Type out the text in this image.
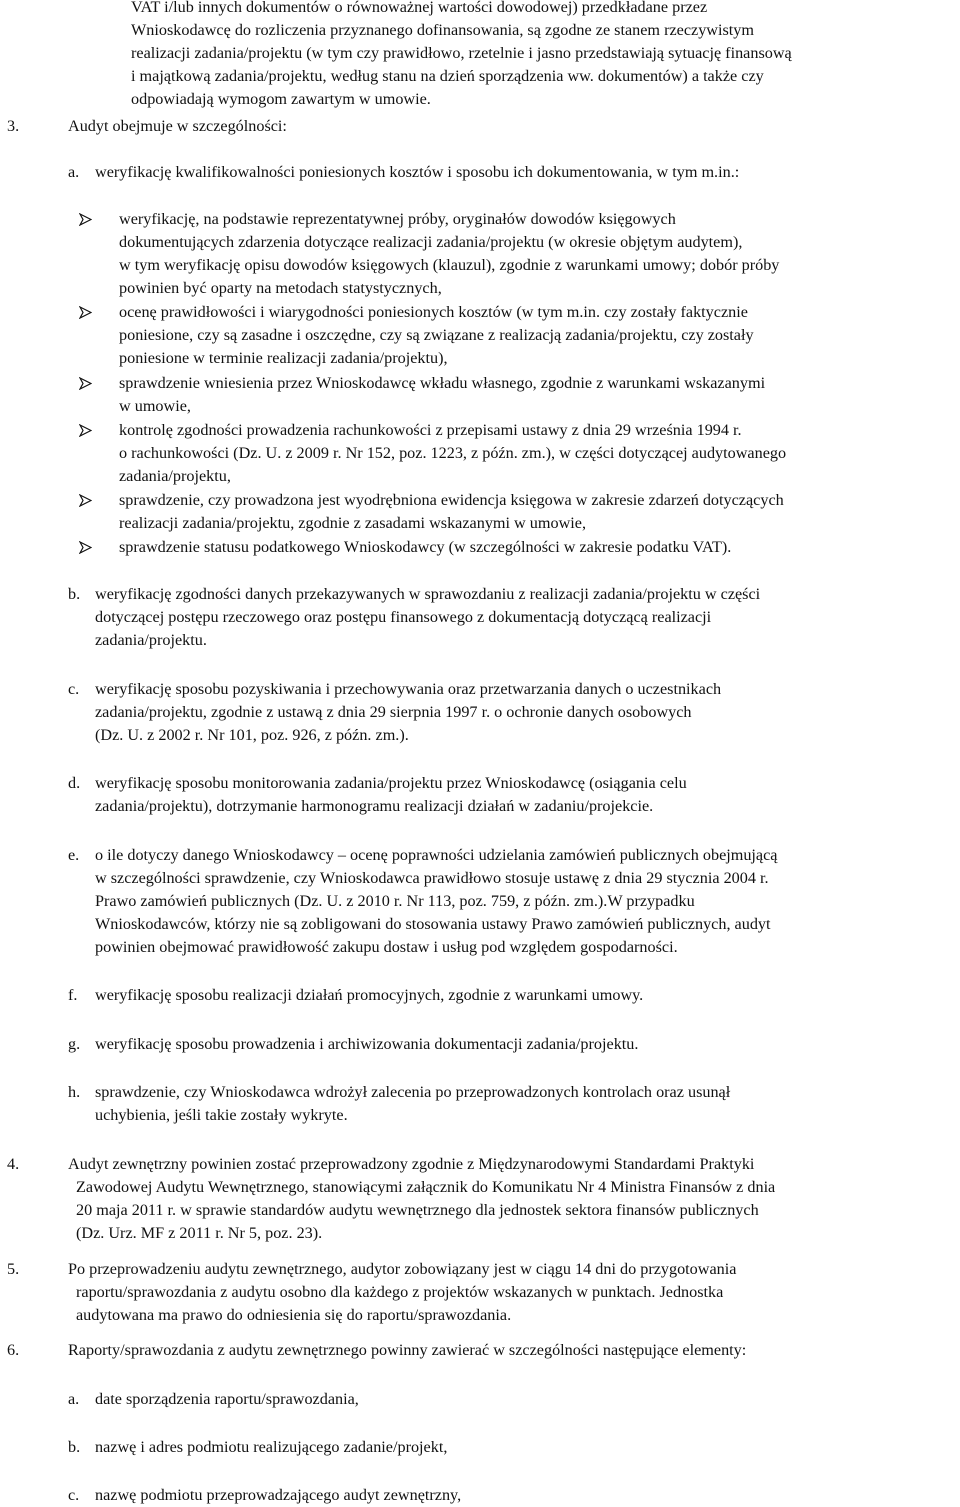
VAT i/lub innych dokumentów o równoważnej wartości dowodowej) przedkładane przez
Wnioskodawcę do rozliczenia przyznanego dofinansowania, są zgodne ze stanem rzeczywistym
realizacji zadania/projektu (w tym czy prawidłowo, rzetelnie i jasno przedstawiają sytuację finansową
i majątkową zadania/projektu, według stanu na dzień sporządzenia ww. dokumentów) a także czy
odpowiadają wymogom zawartym w umowie.
3.	Audyt obejmuje w szczególności:
a. weryfikację kwalifikowalności poniesionych kosztów i sposobu ich dokumentowania, w tym m.in.:
weryfikację, na podstawie reprezentatywnej próby, oryginałów dowodów księgowych
dokumentujących zdarzenia dotyczące realizacji zadania/projektu (w okresie objętym audytem),
w tym weryfikację opisu dowodów księgowych (klauzul), zgodnie z warunkami umowy; dobór próby
powinien być oparty na metodach statystycznych,
ocenę prawidłowości i wiarygodności poniesionych kosztów (w tym m.in. czy zostały faktycznie
poniesione, czy są zasadne i oszczędne, czy są związane z realizacją zadania/projektu, czy zostały
poniesione w terminie realizacji zadania/projektu),
sprawdzenie wniesienia przez Wnioskodawcę wkładu własnego, zgodnie z warunkami wskazanymi
w umowie,
kontrolę zgodności prowadzenia rachunkowości z przepisami ustawy z dnia 29 września 1994 r.
o rachunkowości (Dz. U. z 2009 r. Nr 152, poz. 1223, z późn. zm.), w części dotyczącej audytowanego
zadania/projektu,
sprawdzenie, czy prowadzona jest wyodrębniona ewidencja księgowa w zakresie zdarzeń dotyczących
realizacji zadania/projektu, zgodnie z zasadami wskazanymi w umowie,
sprawdzenie statusu podatkowego Wnioskodawcy (w szczególności w zakresie podatku VAT).
b. weryfikację zgodności danych przekazywanych w sprawozdaniu z realizacji zadania/projektu w części
dotyczącej postępu rzeczowego oraz postępu finansowego z dokumentacją dotyczącą realizacji
zadania/projektu.
c. weryfikację sposobu pozyskiwania i przechowywania oraz przetwarzania danych o uczestnikach
zadania/projektu, zgodnie z ustawą z dnia 29 sierpnia 1997 r. o ochronie danych osobowych
(Dz. U. z 2002 r. Nr 101, poz. 926, z późn. zm.).
d. weryfikację sposobu monitorowania zadania/projektu przez Wnioskodawcę (osiągania celu
zadania/projektu), dotrzymanie harmonogramu realizacji działań w zadaniu/projekcie.
e. o ile dotyczy danego Wnioskodawcy – ocenę poprawności udzielania zamówień publicznych obejmującą
w szczególności sprawdzenie, czy Wnioskodawca prawidłowo stosuje ustawę z dnia 29 stycznia 2004 r.
Prawo zamówień publicznych (Dz. U. z 2010 r. Nr 113, poz. 759, z późn. zm.).W przypadku
Wnioskodawców, którzy nie są zobligowani do stosowania ustawy Prawo zamówień publicznych, audyt
powinien obejmować prawidłowość zakupu dostaw i usług pod względem gospodarności.
f. weryfikację sposobu realizacji działań promocyjnych, zgodnie z warunkami umowy.
g. weryfikację sposobu prowadzenia i archiwizowania dokumentacji zadania/projektu.
h. sprawdzenie, czy Wnioskodawca wdrożył zalecenia po przeprowadzonych kontrolach oraz usunął
uchybienia, jeśli takie zostały wykryte.
4.	Audyt zewnętrzny powinien zostać przeprowadzony zgodnie z Międzynarodowymi Standardami Praktyki
Zawodowej Audytu Wewnętrznego, stanowiącymi załącznik do Komunikatu Nr 4 Ministra Finansów z dnia
20 maja 2011 r. w sprawie standardów audytu wewnętrznego dla jednostek sektora finansów publicznych
(Dz. Urz. MF z 2011 r. Nr 5, poz. 23).
5.	Po przeprowadzeniu audytu zewnętrznego, audytor zobowiązany jest w ciągu 14 dni do przygotowania
raportu/sprawozdania z audytu osobno dla każdego z projektów wskazanych w punktach. Jednostka
audytowana ma prawo do odniesienia się do raportu/sprawozdania.
6.	Raporty/sprawozdania z audytu zewnętrznego powinny zawierać w szczególności następujące elementy:
a. date sporządzenia raportu/sprawozdania,
b. nazwę i adres podmiotu realizującego zadanie/projekt,
c. nazwę podmiotu przeprowadzającego audyt zewnętrzny,
